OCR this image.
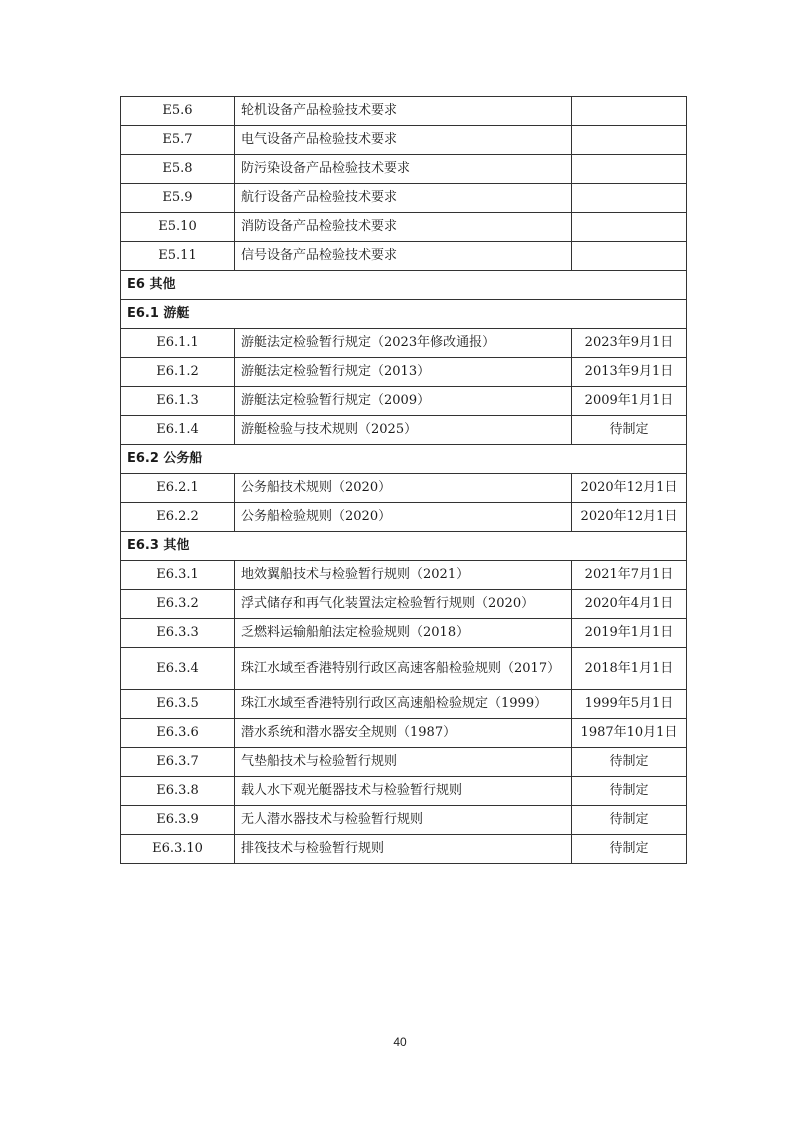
E5.6	轮机设备产品检验技术要求	
E5.7	电气设备产品检验技术要求	
E5.8	防污染设备产品检验技术要求	
E5.9	航行设备产品检验技术要求	
E5.10	消防设备产品检验技术要求	
E5.11	信号设备产品检验技术要求	
E6 其他		
E6.1 游艇		
E6.1.1	游艇法定检验暂行规定（2023年修改通报）	2023年9月1日
E6.1.2	游艇法定检验暂行规定（2013）	2013年9月1日
E6.1.3	游艇法定检验暂行规定（2009）	2009年1月1日
E6.1.4	游艇检验与技术规则（2025）	待制定
E6.2 公务船		
E6.2.1	公务船技术规则（2020）	2020年12月1日
E6.2.2	公务船检验规则（2020）	2020年12月1日
E6.3 其他		
E6.3.1	地效翼船技术与检验暂行规则（2021）	2021年7月1日
E6.3.2	浮式储存和再气化装置法定检验暂行规则（2020）	2020年4月1日
E6.3.3	乏燃料运输船舶法定检验规则（2018）	2019年1月1日
E6.3.4	珠江水域至香港特别行政区高速客船检验规则（2017）	2018年1月1日
E6.3.5	珠江水域至香港特别行政区高速船检验规定（1999）	1999年5月1日
E6.3.6	潜水系统和潜水器安全规则（1987）	1987年10月1日
E6.3.7	气垫船技术与检验暂行规则	待制定
E6.3.8	载人水下观光艇器技术与检验暂行规则	待制定
E6.3.9	无人潜水器技术与检验暂行规则	待制定
E6.3.10	排筏技术与检验暂行规则	待制定
40
